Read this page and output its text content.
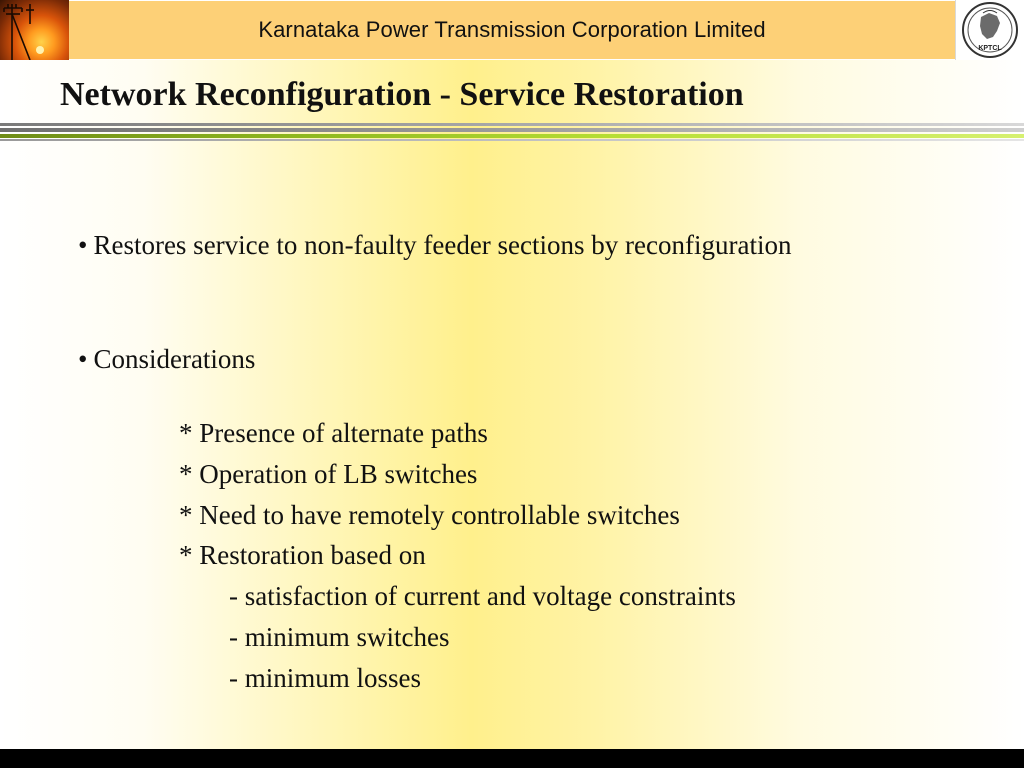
Karnataka Power Transmission Corporation Limited
KPTCL
Network Reconfiguration - Service Restoration

• Restores service to non-faulty feeder sections by reconfiguration

• Considerations

* Presence of alternate paths

* Operation of LB switches

* Need to have remotely controllable switches

* Restoration based on

- satisfaction of current and voltage constraints

- minimum switches

- minimum losses
